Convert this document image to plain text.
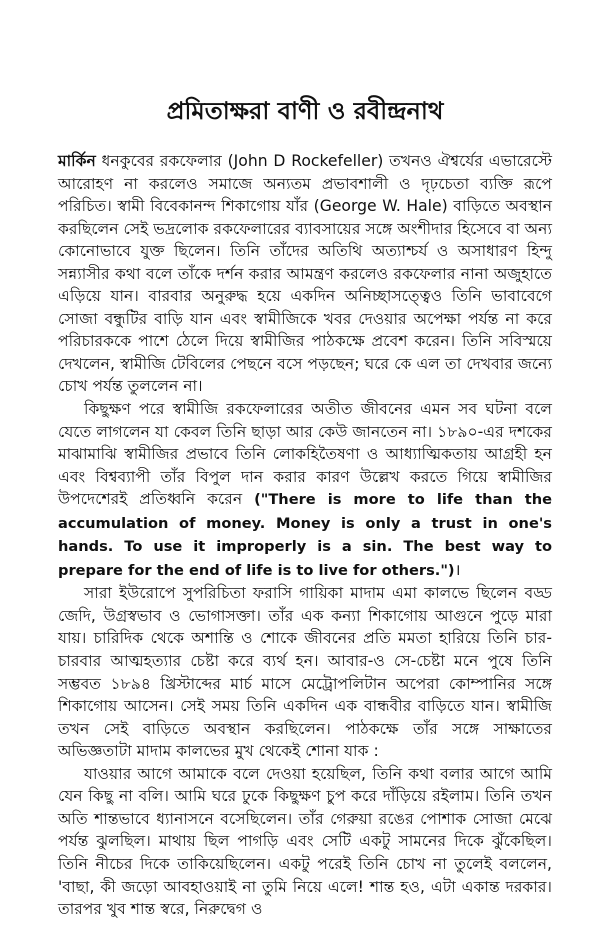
প্রমিতাক্ষরা বাণী ও রবীন্দ্রনাথ

মার্কিন ধনকুবের রকফেলার (John D Rockefeller) তখনও ঐশ্বর্যের এভারেস্টে আরোহণ না করলেও সমাজে অন্যতম প্রভাবশালী ও দৃঢ়চেতা ব্যক্তি রূপে পরিচিত। স্বামী বিবেকানন্দ শিকাগোয় যাঁর (George W. Hale) বাড়িতে অবস্থান করছিলেন সেই ভদ্রলোক রকফেলারের ব্যাবসায়ের সঙ্গে অংশীদার হিসেবে বা অন্য কোনোভাবে যুক্ত ছিলেন। তিনি তাঁদের অতিথি অত্যাশ্চর্য ও অসাধারণ হিন্দু সন্ন্যাসীর কথা বলে তাঁকে দর্শন করার আমন্ত্রণ করলেও রকফেলার নানা অজুহাতে এড়িয়ে যান। বারবার অনুরুদ্ধ হয়ে একদিন অনিচ্ছাসত্ত্বেও তিনি ভাবাবেগে সোজা বন্ধুটির বাড়ি যান এবং স্বামীজিকে খবর দেওয়ার অপেক্ষা পর্যন্ত না করে পরিচারককে পাশে ঠেলে দিয়ে স্বামীজির পাঠকক্ষে প্রবেশ করেন। তিনি সবিস্ময়ে দেখলেন, স্বামীজি টেবিলের পেছনে বসে পড়ছেন; ঘরে কে এল তা দেখবার জন্যে চোখ পর্যন্ত তুললেন না।

কিছুক্ষণ পরে স্বামীজি রকফেলারের অতীত জীবনের এমন সব ঘটনা বলে যেতে লাগলেন যা কেবল তিনি ছাড়া আর কেউ জানতেন না। ১৮৯০-এর দশকের মাঝামাঝি স্বামীজির প্রভাবে তিনি লোকহিতৈষণা ও আধ্যাত্মিকতায় আগ্রহী হন এবং বিশ্বব্যাপী তাঁর বিপুল দান করার কারণ উল্লেখ করতে গিয়ে স্বামীজির উপদেশেরই প্রতিধ্বনি করেন ("There is more to life than the accumulation of money. Money is only a trust in one's hands. To use it improperly is a sin. The best way to prepare for the end of life is to live for others.")।

সারা ইউরোপে সুপরিচিতা ফরাসি গায়িকা মাদাম এমা কালভে ছিলেন বড্ড জেদি, উগ্রস্বভাব ও ভোগাসক্তা। তাঁর এক কন্যা শিকাগোয় আগুনে পুড়ে মারা যায়। চারিদিক থেকে অশান্তি ও শোকে জীবনের প্রতি মমতা হারিয়ে তিনি চার-চারবার আত্মহত্যার চেষ্টা করে ব্যর্থ হন। আবার-ও সে-চেষ্টা মনে পুষে তিনি সম্ভবত ১৮৯৪ খ্রিস্টাব্দের মার্চ মাসে মেট্রোপলিটান অপেরা কোম্পানির সঙ্গে শিকাগোয় আসেন। সেই সময় তিনি একদিন এক বান্ধবীর বাড়িতে যান। স্বামীজি তখন সেই বাড়িতে অবস্থান করছিলেন। পাঠকক্ষে তাঁর সঙ্গে সাক্ষাতের অভিজ্ঞতাটা মাদাম কালভের মুখ থেকেই শোনা যাক :

যাওয়ার আগে আমাকে বলে দেওয়া হয়েছিল, তিনি কথা বলার আগে আমি যেন কিছু না বলি। আমি ঘরে ঢুকে কিছুক্ষণ চুপ করে দাঁড়িয়ে রইলাম। তিনি তখন অতি শান্তভাবে ধ্যানাসনে বসেছিলেন। তাঁর গেরুয়া রঙের পোশাক সোজা মেঝে পর্যন্ত ঝুলছিল। মাথায় ছিল পাগড়ি এবং সেটি একটু সামনের দিকে ঝুঁকেছিল। তিনি নীচের দিকে তাকিয়েছিলেন। একটু পরেই তিনি চোখ না তুলেই বললেন, 'বাছা, কী জড়ো আবহাওয়াই না তুমি নিয়ে এলে! শান্ত হও, এটা একান্ত দরকার। তারপর খুব শান্ত স্বরে, নিরুদ্বেগ ও
